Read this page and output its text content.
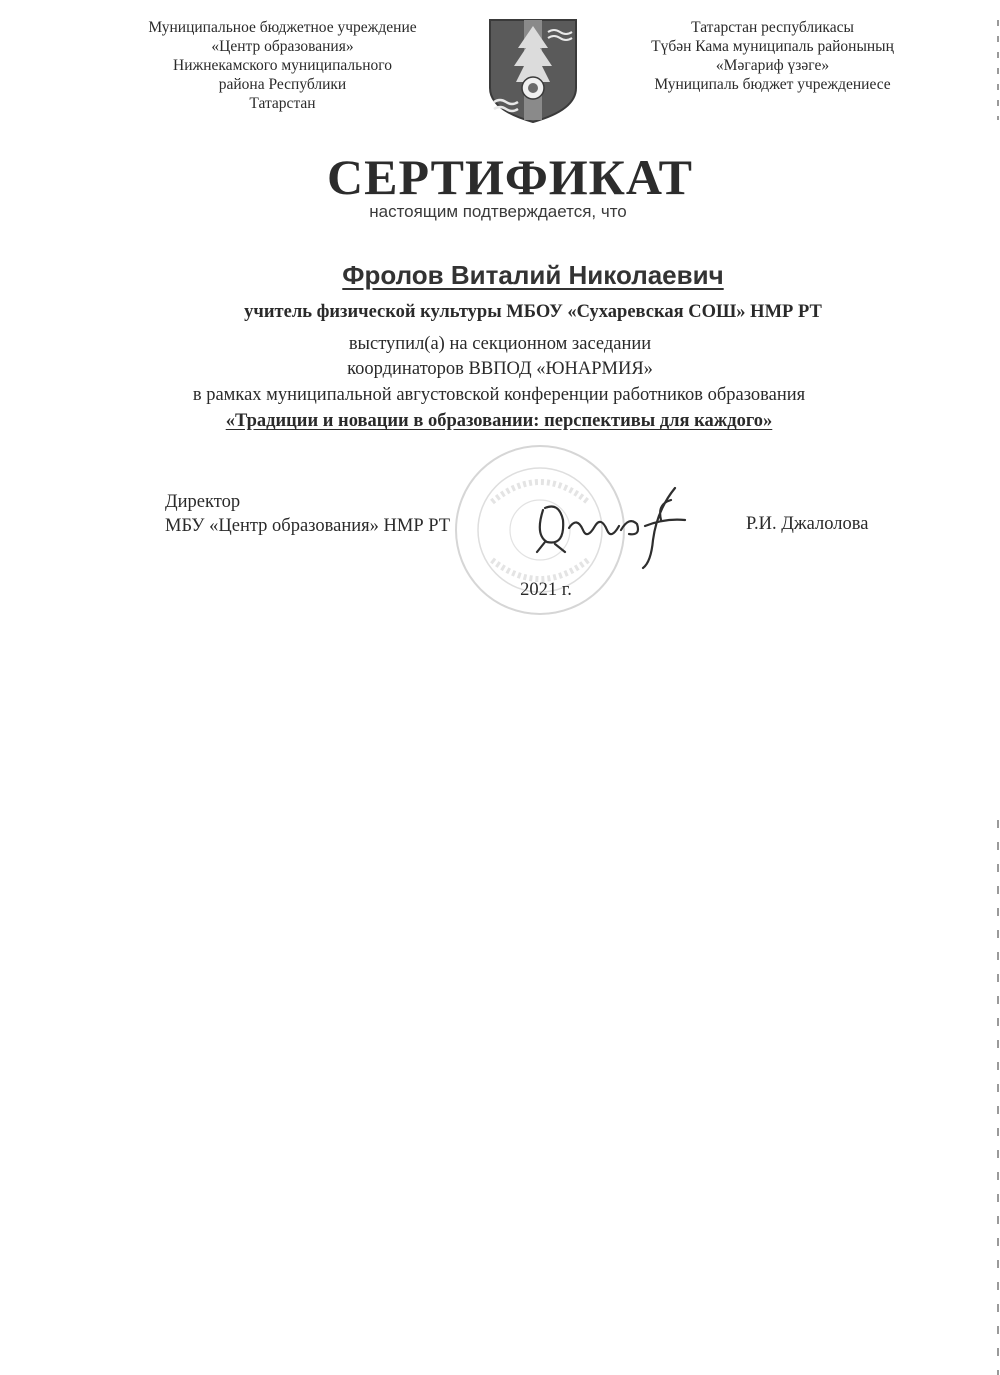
Муниципальное бюджетное учреждение
«Центр образования»
Нижнекамского муниципального
района Республики
Татарстан
Татарстан республикасы
Түбән Кама муниципаль районының
«Мәгариф үзәге»
Муниципаль бюджет учреждениесе
СЕРТИФИКАТ
настоящим подтверждается, что
Фролов Виталий Николаевич
учитель физической культуры МБОУ «Сухаревская СОШ» НМР РТ
выступил(а) на секционном заседании
координаторов ВВПОД «ЮНАРМИЯ»
в рамках муниципальной августовской конференции работников образования
«Традиции и новации в образовании: перспективы для каждого»
Директор
МБУ «Центр образования» НМР РТ	Р.И. Джалолова
2021 г.
